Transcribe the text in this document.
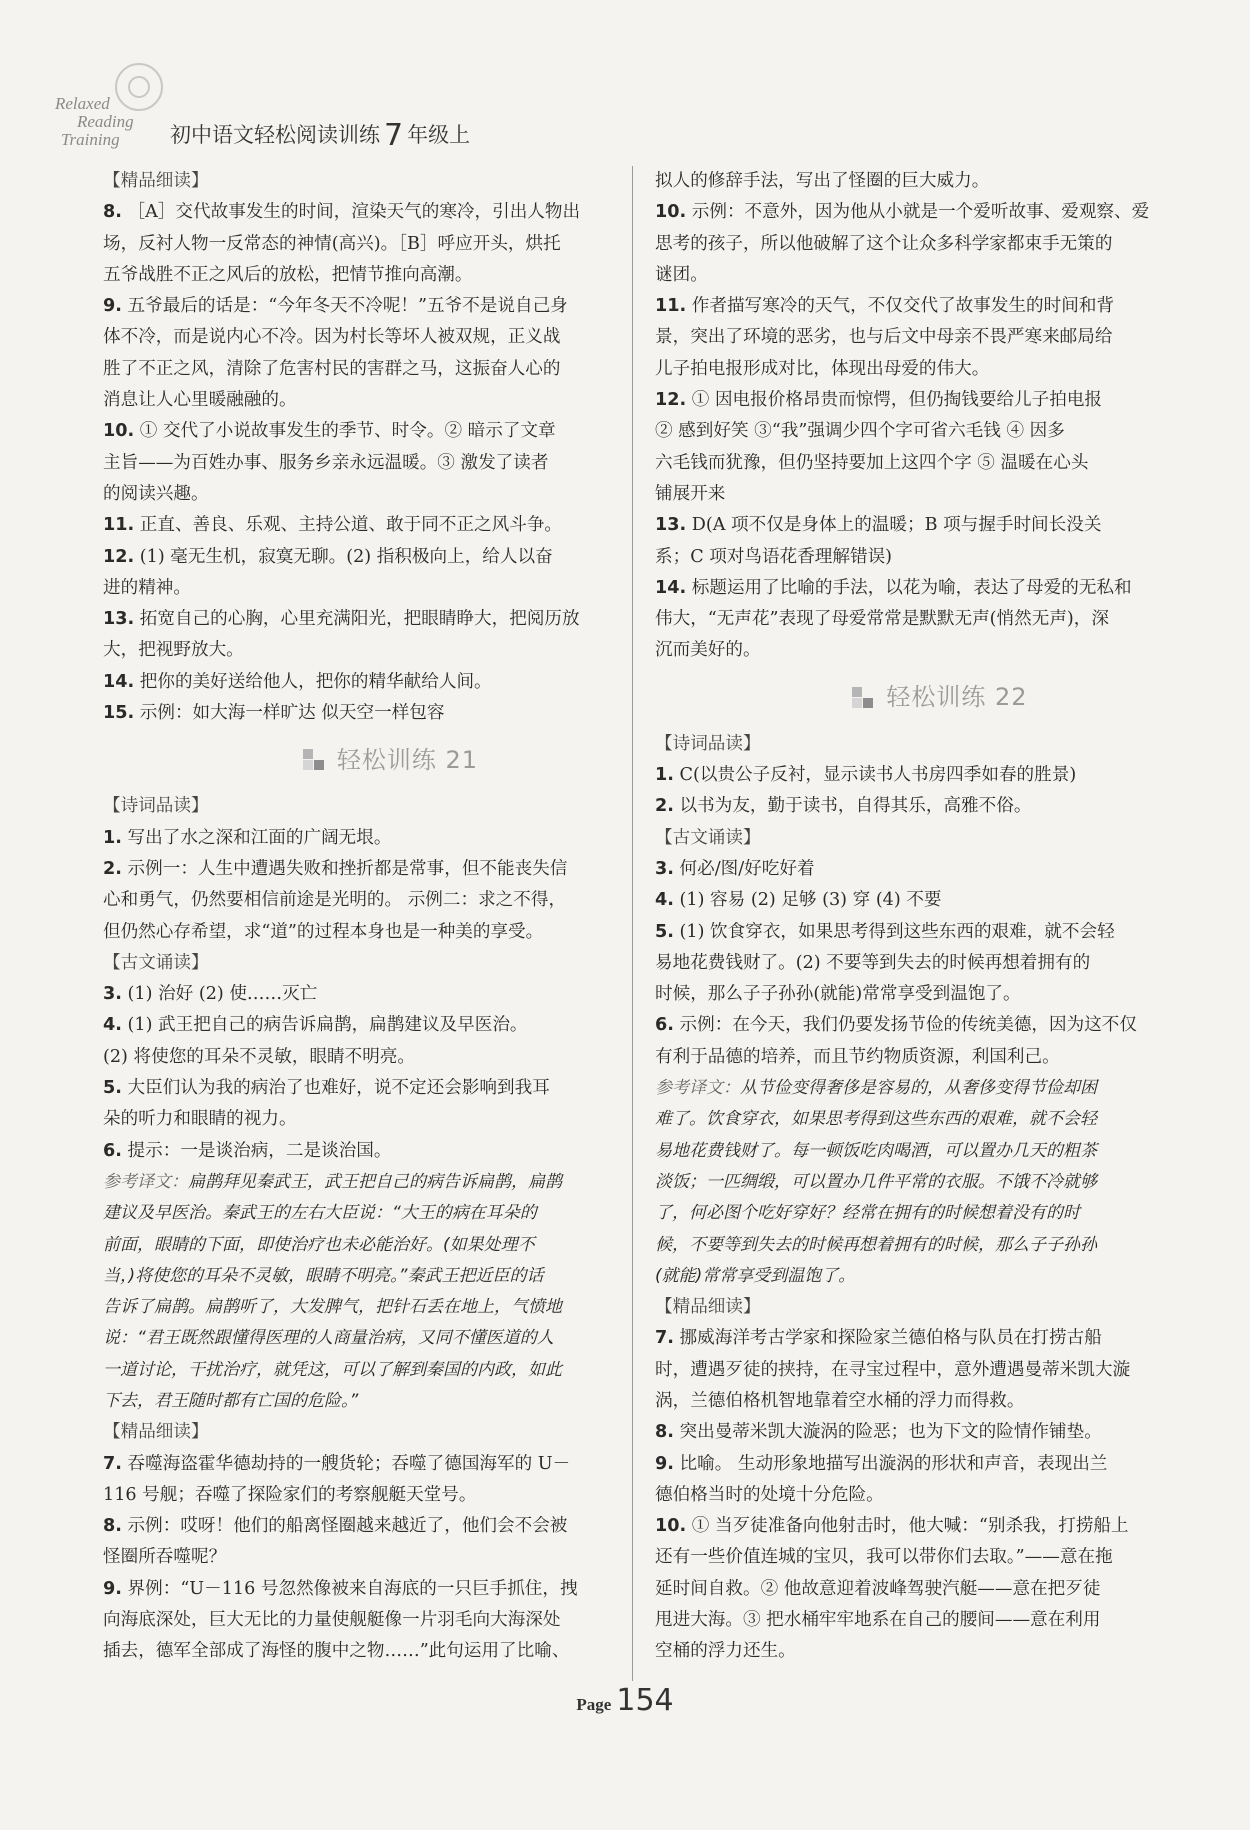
Relaxed
Reading
Training	初中语文轻松阅读训练 7 年级上
【精品细读】
8. ［A］交代故事发生的时间，渲染天气的寒冷，引出人物出
场，反衬人物一反常态的神情(高兴)。［B］呼应开头，烘托
五爷战胜不正之风后的放松，把情节推向高潮。
9. 五爷最后的话是：“今年冬天不冷呢！”五爷不是说自己身
体不冷，而是说内心不冷。因为村长等坏人被双规，正义战
胜了不正之风，清除了危害村民的害群之马，这振奋人心的
消息让人心里暖融融的。
10. ① 交代了小说故事发生的季节、时令。② 暗示了文章
主旨——为百姓办事、服务乡亲永远温暖。③ 激发了读者
的阅读兴趣。
11. 正直、善良、乐观、主持公道、敢于同不正之风斗争。
12. (1) 毫无生机，寂寞无聊。(2) 指积极向上，给人以奋
进的精神。
13. 拓宽自己的心胸，心里充满阳光，把眼睛睁大，把阅历放
大，把视野放大。
14. 把你的美好送给他人，把你的精华献给人间。
15. 示例：如大海一样旷达 似天空一样包容
轻松训练 21
【诗词品读】
1. 写出了水之深和江面的广阔无垠。
2. 示例一：人生中遭遇失败和挫折都是常事，但不能丧失信
心和勇气，仍然要相信前途是光明的。 示例二：求之不得，
但仍然心存希望，求“道”的过程本身也是一种美的享受。
【古文诵读】
3. (1) 治好 (2) 使……灭亡
4. (1) 武王把自己的病告诉扁鹊，扁鹊建议及早医治。
(2) 将使您的耳朵不灵敏，眼睛不明亮。
5. 大臣们认为我的病治了也难好，说不定还会影响到我耳
朵的听力和眼睛的视力。
6. 提示：一是谈治病，二是谈治国。
参考译文：扁鹊拜见秦武王，武王把自己的病告诉扁鹊，扁鹊
建议及早医治。秦武王的左右大臣说：“大王的病在耳朵的
前面，眼睛的下面，即使治疗也未必能治好。(如果处理不
当，)将使您的耳朵不灵敏，眼睛不明亮。”秦武王把近臣的话
告诉了扁鹊。扁鹊听了，大发脾气，把针石丢在地上，气愤地
说：“君王既然跟懂得医理的人商量治病，又同不懂医道的人
一道讨论，干扰治疗，就凭这，可以了解到秦国的内政，如此
下去，君王随时都有亡国的危险。”
【精品细读】
7. 吞噬海盗霍华德劫持的一艘货轮；吞噬了德国海军的 U－
116 号舰；吞噬了探险家们的考察舰艇天堂号。
8. 示例：哎呀！他们的船离怪圈越来越近了，他们会不会被
怪圈所吞噬呢？
9. 界例：“U－116 号忽然像被来自海底的一只巨手抓住，拽
向海底深处，巨大无比的力量使舰艇像一片羽毛向大海深处
插去，德军全部成了海怪的腹中之物……”此句运用了比喻、
拟人的修辞手法，写出了怪圈的巨大威力。
10. 示例：不意外，因为他从小就是一个爱听故事、爱观察、爱
思考的孩子，所以他破解了这个让众多科学家都束手无策的
谜团。
11. 作者描写寒冷的天气，不仅交代了故事发生的时间和背
景，突出了环境的恶劣，也与后文中母亲不畏严寒来邮局给
儿子拍电报形成对比，体现出母爱的伟大。
12. ① 因电报价格昂贵而惊愕，但仍掏钱要给儿子拍电报
② 感到好笑 ③“我”强调少四个字可省六毛钱 ④ 因多
六毛钱而犹豫，但仍坚持要加上这四个字 ⑤ 温暖在心头
铺展开来
13. D(A 项不仅是身体上的温暖；B 项与握手时间长没关
系；C 项对鸟语花香理解错误)
14. 标题运用了比喻的手法，以花为喻，表达了母爱的无私和
伟大，“无声花”表现了母爱常常是默默无声(悄然无声)，深
沉而美好的。
轻松训练 22
【诗词品读】
1. C(以贵公子反衬，显示读书人书房四季如春的胜景)
2. 以书为友，勤于读书，自得其乐，高雅不俗。
【古文诵读】
3. 何必/图/好吃好着
4. (1) 容易 (2) 足够 (3) 穿 (4) 不要
5. (1) 饮食穿衣，如果思考得到这些东西的艰难，就不会轻
易地花费钱财了。(2) 不要等到失去的时候再想着拥有的
时候，那么子子孙孙(就能)常常享受到温饱了。
6. 示例：在今天，我们仍要发扬节俭的传统美德，因为这不仅
有利于品德的培养，而且节约物质资源，利国利己。
参考译文：从节俭变得奢侈是容易的，从奢侈变得节俭却困
难了。饮食穿衣，如果思考得到这些东西的艰难，就不会轻
易地花费钱财了。每一顿饭吃肉喝酒，可以置办几天的粗茶
淡饭；一匹绸缎，可以置办几件平常的衣服。不饿不冷就够
了，何必图个吃好穿好？经常在拥有的时候想着没有的时
候，不要等到失去的时候再想着拥有的时候，那么子子孙孙
(就能)常常享受到温饱了。
【精品细读】
7. 挪威海洋考古学家和探险家兰德伯格与队员在打捞古船
时，遭遇歹徒的挟持，在寻宝过程中，意外遭遇曼蒂米凯大漩
涡，兰德伯格机智地靠着空水桶的浮力而得救。
8. 突出曼蒂米凯大漩涡的险恶；也为下文的险情作铺垫。
9. 比喻。 生动形象地描写出漩涡的形状和声音，表现出兰
德伯格当时的处境十分危险。
10. ① 当歹徒准备向他射击时，他大喊：“别杀我，打捞船上
还有一些价值连城的宝贝，我可以带你们去取。”——意在拖
延时间自救。② 他故意迎着波峰驾驶汽艇——意在把歹徒
甩进大海。③ 把水桶牢牢地系在自己的腰间——意在利用
空桶的浮力还生。
Page 154
